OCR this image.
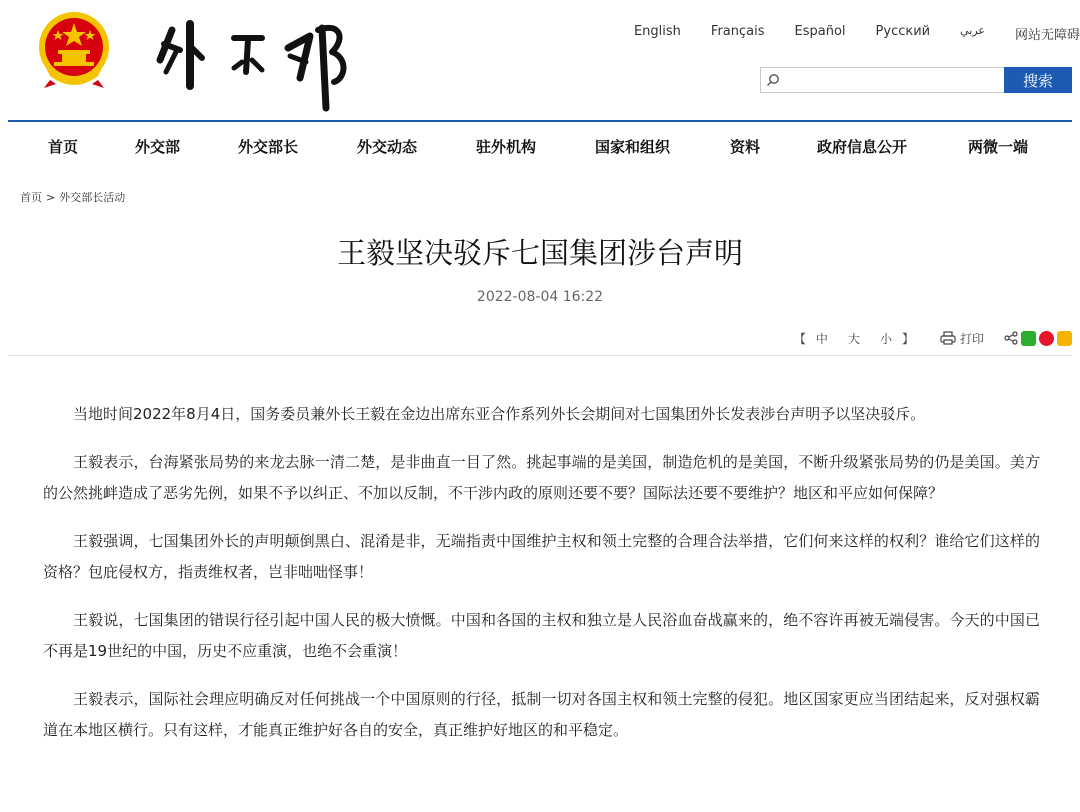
English Français Español Русский	عربي 网站无障碍
搜索
首页	外交部	外交部长	外交动态	驻外机构	国家和组织	资料	政府信息公开	两微一端
首页 > 外交部长活动
王毅坚决驳斥七国集团涉台声明
2022-08-04 16:22
【 中 大 小 】	打印

当地时间2022年8月4日，国务委员兼外长王毅在金边出席东亚合作系列外长会期间对七国集团外长发表涉台声明予以坚决驳斥。

王毅表示，台海紧张局势的来龙去脉一清二楚，是非曲直一目了然。挑起事端的是美国，制造危机的是美国，不断升级紧张局势的仍是美国。美方的公然挑衅造成了恶劣先例，如果不予以纠正、不加以反制，不干涉内政的原则还要不要？国际法还要不要维护？地区和平应如何保障？

王毅强调，七国集团外长的声明颠倒黑白、混淆是非，无端指责中国维护主权和领土完整的合理合法举措，它们何来这样的权利？谁给它们这样的资格？包庇侵权方，指责维权者，岂非咄咄怪事！

王毅说，七国集团的错误行径引起中国人民的极大愤慨。中国和各国的主权和独立是人民浴血奋战赢来的，绝不容许再被无端侵害。今天的中国已不再是19世纪的中国，历史不应重演，也绝不会重演！

王毅表示，国际社会理应明确反对任何挑战一个中国原则的行径，抵制一切对各国主权和领土完整的侵犯。地区国家更应当团结起来，反对强权霸道在本地区横行。只有这样，才能真正维护好各自的安全，真正维护好地区的和平稳定。
